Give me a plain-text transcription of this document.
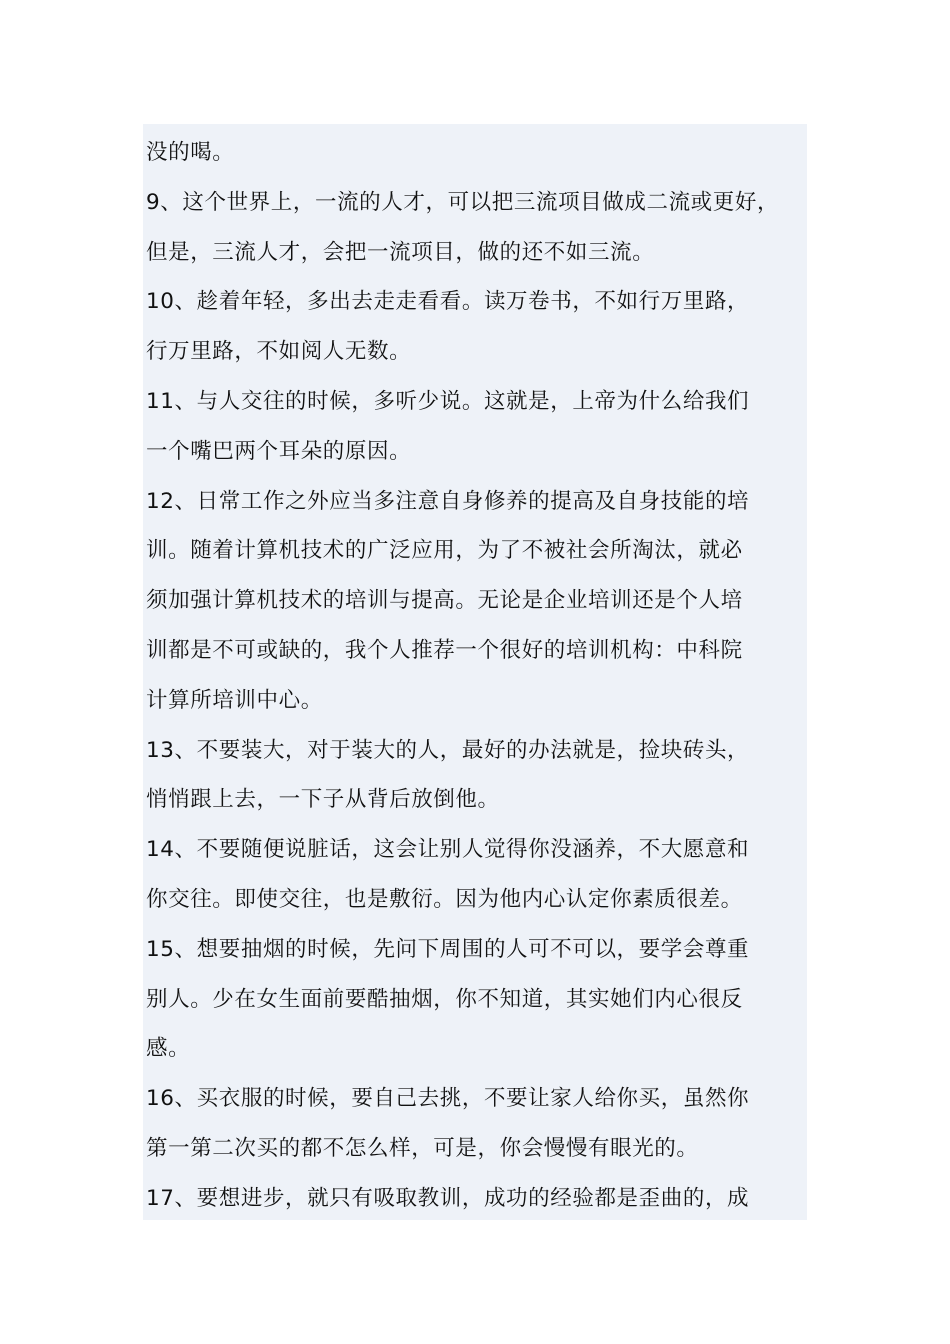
没的喝。
9、这个世界上，一流的人才，可以把三流项目做成二流或更好，
但是，三流人才，会把一流项目，做的还不如三流。
10、趁着年轻，多出去走走看看。读万卷书，不如行万里路，
行万里路，不如阅人无数。
11、与人交往的时候，多听少说。这就是，上帝为什么给我们
一个嘴巴两个耳朵的原因。
12、日常工作之外应当多注意自身修养的提高及自身技能的培
训。随着计算机技术的广泛应用，为了不被社会所淘汰，就必
须加强计算机技术的培训与提高。无论是企业培训还是个人培
训都是不可或缺的，我个人推荐一个很好的培训机构：中科院
计算所培训中心。
13、不要装大，对于装大的人，最好的办法就是，捡块砖头，
悄悄跟上去，一下子从背后放倒他。
14、不要随便说脏话，这会让别人觉得你没涵养，不大愿意和
你交往。即使交往，也是敷衍。因为他内心认定你素质很差。
15、想要抽烟的时候，先问下周围的人可不可以，要学会尊重
别人。少在女生面前要酷抽烟，你不知道，其实她们内心很反
感。
16、买衣服的时候，要自己去挑，不要让家人给你买，虽然你
第一第二次买的都不怎么样，可是，你会慢慢有眼光的。
17、要想进步，就只有吸取教训，成功的经验都是歪曲的，成
